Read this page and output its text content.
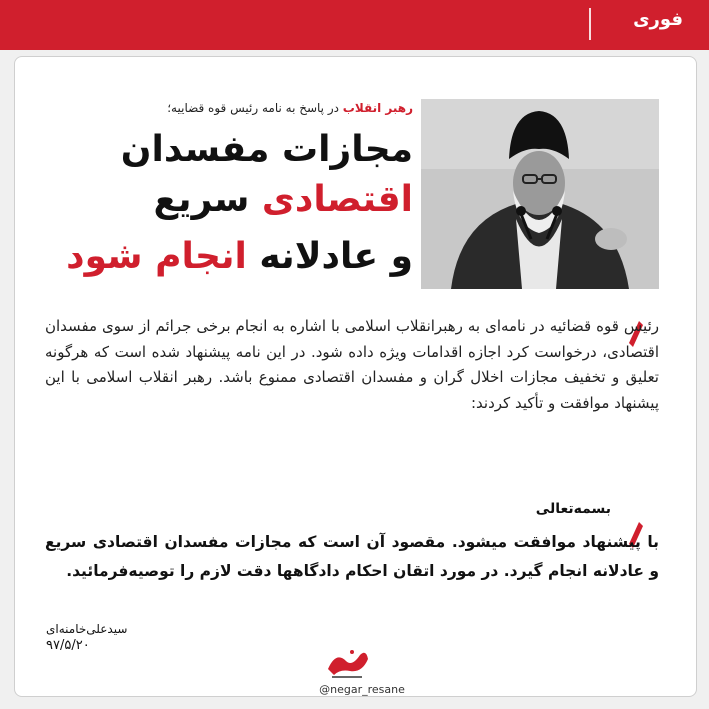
فوری
رهبر انقلاب در پاسخ به نامه رئیس قوه قضاییه؛
مجازات مفسدان
اقتصادی سریع
و عادلانه انجام شود
رئیس قوه قضائیه در نامه‌ای به رهبرانقلاب اسلامی با اشاره به انجام برخی جرائم از سوی مفسدان اقتصادی، درخواست کرد اجازه اقدامات ویژه داده شود. در این نامه پیشنهاد شده است که هرگونه تعلیق و تخفیف مجازات اخلال گران و مفسدان اقتصادی ممنوع باشد. رهبر انقلاب اسلامی با این پیشنهاد موافقت و تأکید کردند:
بسمه‌تعالی
با پیشنهاد موافقت میشود. مقصود آن است که مجازات مفسدان اقتصادی سریع و عادلانه انجام گیرد. در مورد اتقان احکام دادگاهها دقت لازم را توصیه‌فرمائید.
سیدعلی‌خامنه‌ای
۹۷/۵/۲۰
@negar_resane
